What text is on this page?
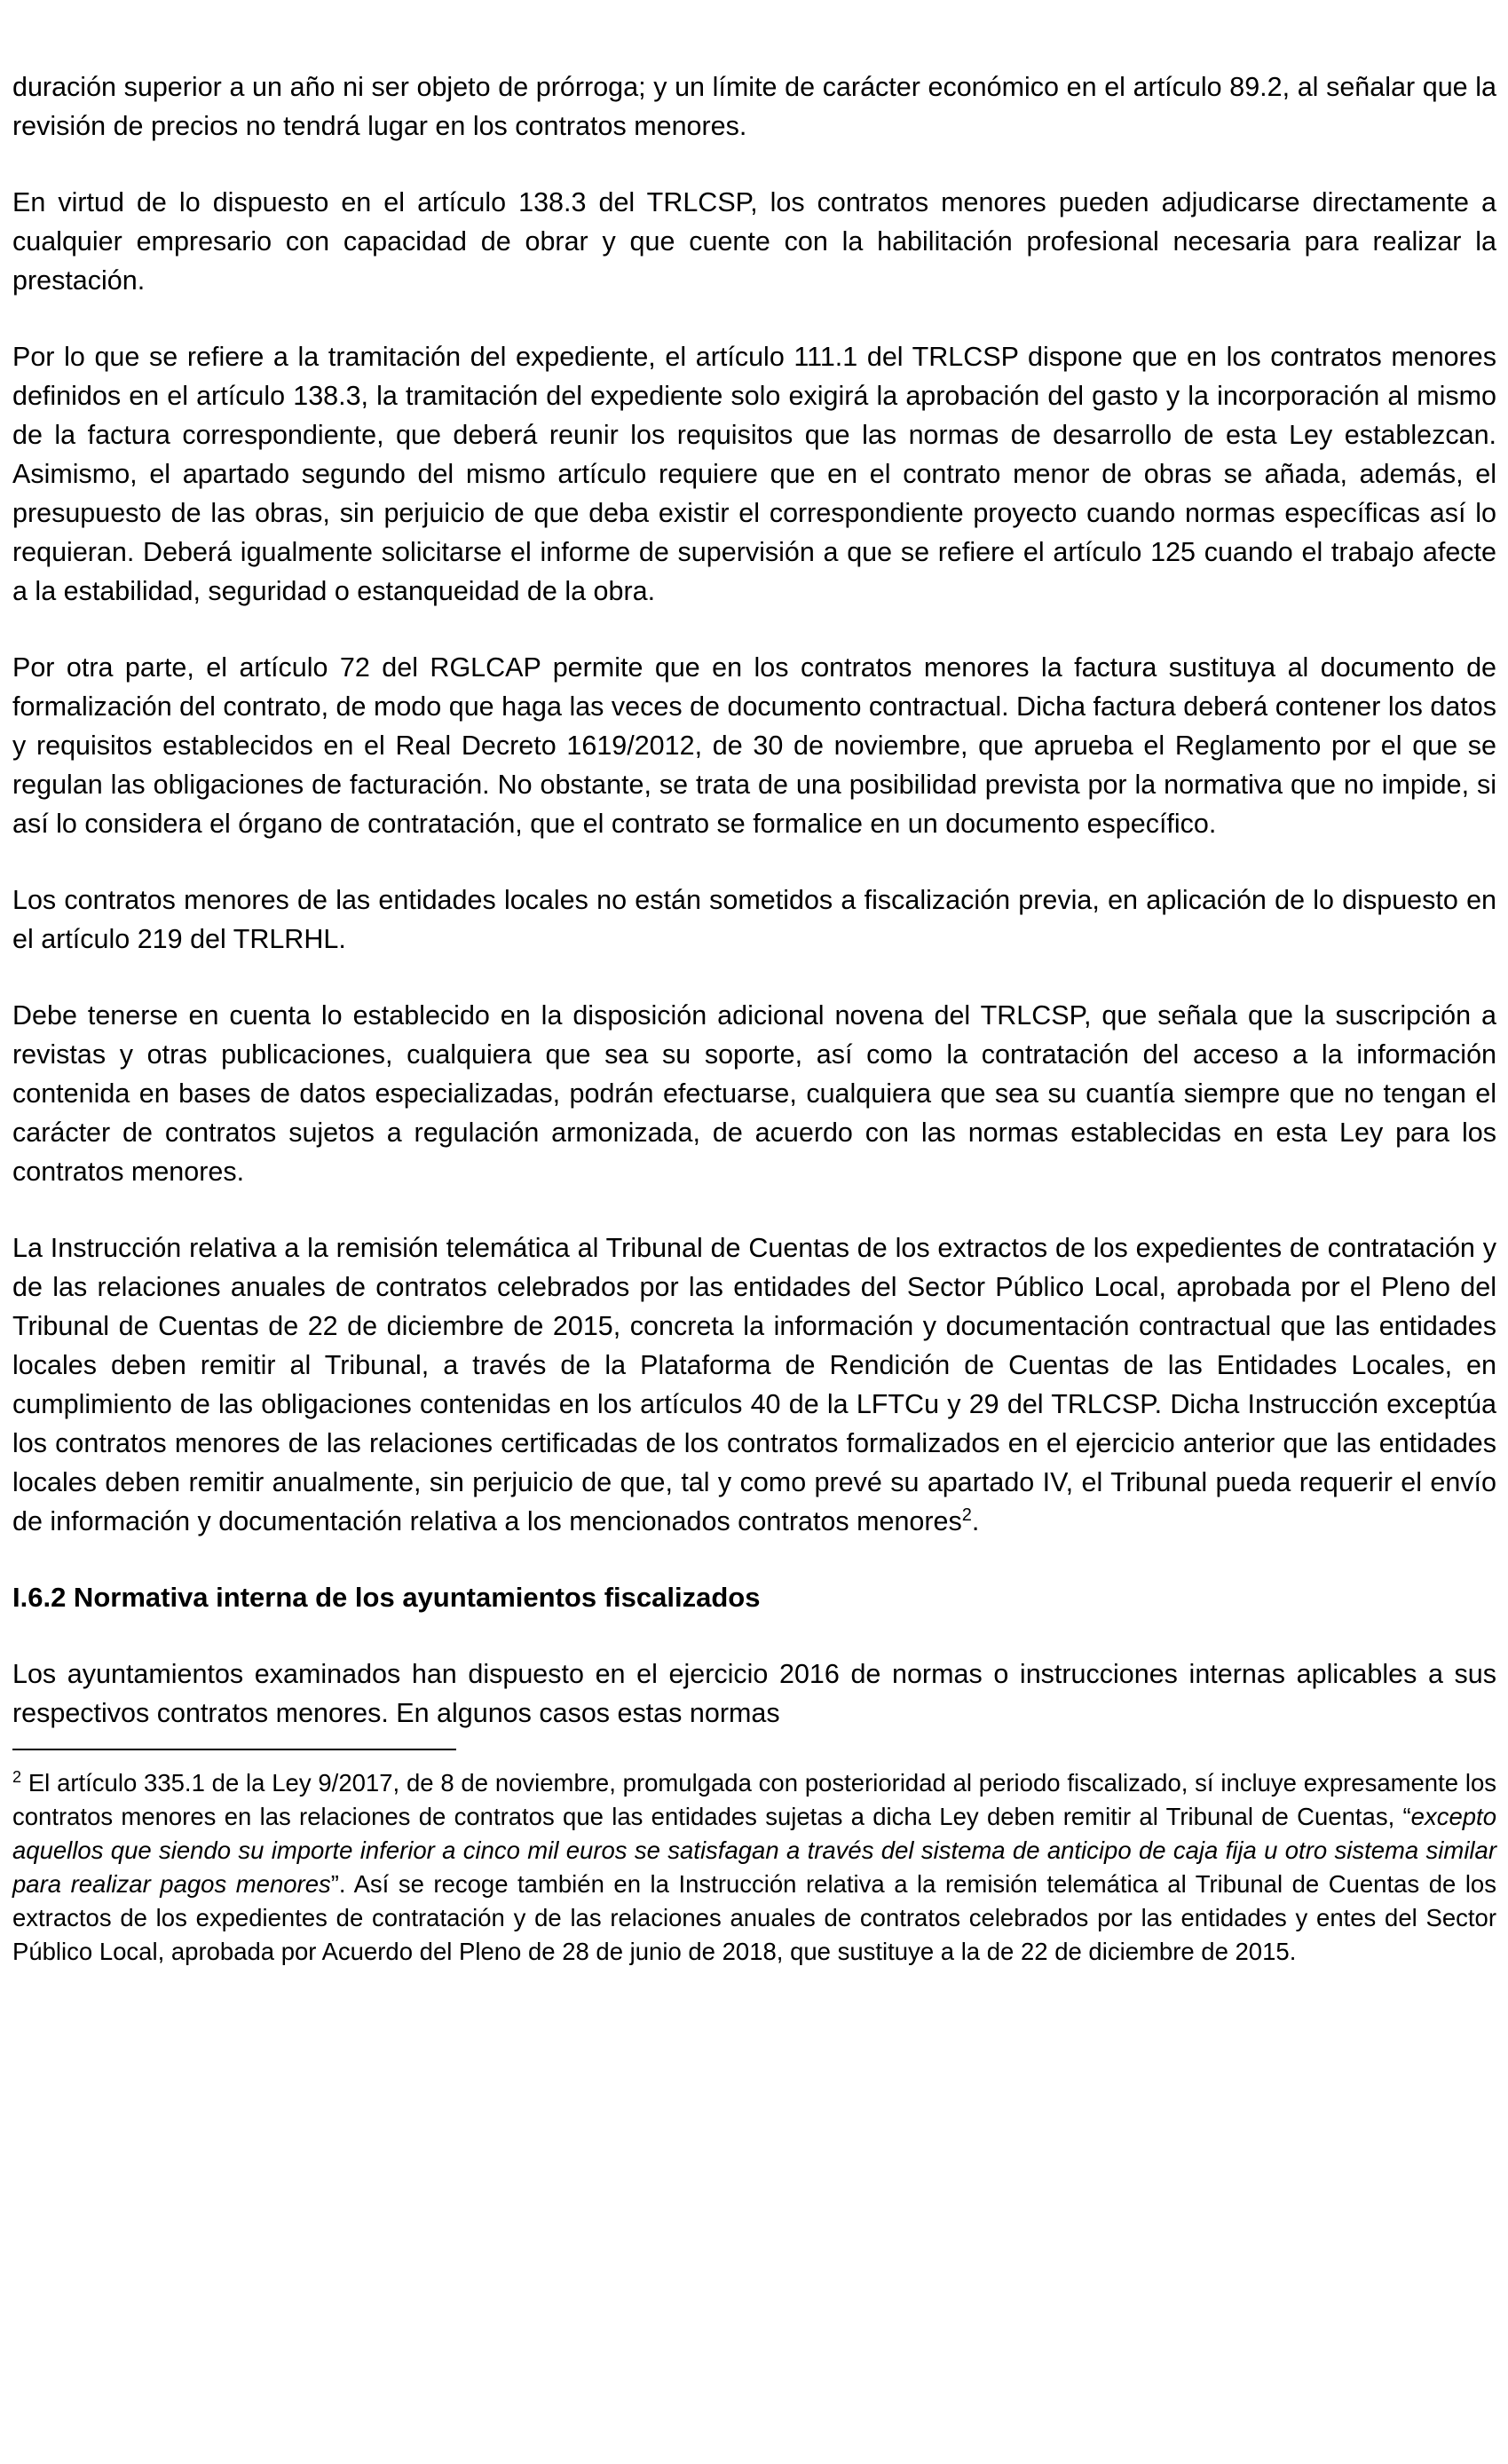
duración superior a un año ni ser objeto de prórroga; y un límite de carácter económico en el artículo 89.2, al señalar que la revisión de precios no tendrá lugar en los contratos menores.

En virtud de lo dispuesto en el artículo 138.3 del TRLCSP, los contratos menores pueden adjudicarse directamente a cualquier empresario con capacidad de obrar y que cuente con la habilitación profesional necesaria para realizar la prestación.

Por lo que se refiere a la tramitación del expediente, el artículo 111.1 del TRLCSP dispone que en los contratos menores definidos en el artículo 138.3, la tramitación del expediente solo exigirá la aprobación del gasto y la incorporación al mismo de la factura correspondiente, que deberá reunir los requisitos que las normas de desarrollo de esta Ley establezcan. Asimismo, el apartado segundo del mismo artículo requiere que en el contrato menor de obras se añada, además, el presupuesto de las obras, sin perjuicio de que deba existir el correspondiente proyecto cuando normas específicas así lo requieran. Deberá igualmente solicitarse el informe de supervisión a que se refiere el artículo 125 cuando el trabajo afecte a la estabilidad, seguridad o estanqueidad de la obra.

Por otra parte, el artículo 72 del RGLCAP permite que en los contratos menores la factura sustituya al documento de formalización del contrato, de modo que haga las veces de documento contractual. Dicha factura deberá contener los datos y requisitos establecidos en el Real Decreto 1619/2012, de 30 de noviembre, que aprueba el Reglamento por el que se regulan las obligaciones de facturación. No obstante, se trata de una posibilidad prevista por la normativa que no impide, si así lo considera el órgano de contratación, que el contrato se formalice en un documento específico.

Los contratos menores de las entidades locales no están sometidos a fiscalización previa, en aplicación de lo dispuesto en el artículo 219 del TRLRHL.

Debe tenerse en cuenta lo establecido en la disposición adicional novena del TRLCSP, que señala que la suscripción a revistas y otras publicaciones, cualquiera que sea su soporte, así como la contratación del acceso a la información contenida en bases de datos especializadas, podrán efectuarse, cualquiera que sea su cuantía siempre que no tengan el carácter de contratos sujetos a regulación armonizada, de acuerdo con las normas establecidas en esta Ley para los contratos menores.

La Instrucción relativa a la remisión telemática al Tribunal de Cuentas de los extractos de los expedientes de contratación y de las relaciones anuales de contratos celebrados por las entidades del Sector Público Local, aprobada por el Pleno del Tribunal de Cuentas de 22 de diciembre de 2015, concreta la información y documentación contractual que las entidades locales deben remitir al Tribunal, a través de la Plataforma de Rendición de Cuentas de las Entidades Locales, en cumplimiento de las obligaciones contenidas en los artículos 40 de la LFTCu y 29 del TRLCSP. Dicha Instrucción exceptúa los contratos menores de las relaciones certificadas de los contratos formalizados en el ejercicio anterior que las entidades locales deben remitir anualmente, sin perjuicio de que, tal y como prevé su apartado IV, el Tribunal pueda requerir el envío de información y documentación relativa a los mencionados contratos menores$^2$.

I.6.2 Normativa interna de los ayuntamientos fiscalizados

Los ayuntamientos examinados han dispuesto en el ejercicio 2016 de normas o instrucciones internas aplicables a sus respectivos contratos menores. En algunos casos estas normas

$^2$ El artículo 335.1 de la Ley 9/2017, de 8 de noviembre, promulgada con posterioridad al periodo fiscalizado, sí incluye expresamente los contratos menores en las relaciones de contratos que las entidades sujetas a dicha Ley deben remitir al Tribunal de Cuentas, “excepto aquellos que siendo su importe inferior a cinco mil euros se satisfagan a través del sistema de anticipo de caja fija u otro sistema similar para realizar pagos menores”. Así se recoge también en la Instrucción relativa a la remisión telemática al Tribunal de Cuentas de los extractos de los expedientes de contratación y de las relaciones anuales de contratos celebrados por las entidades y entes del Sector Público Local, aprobada por Acuerdo del Pleno de 28 de junio de 2018, que sustituye a la de 22 de diciembre de 2015.
